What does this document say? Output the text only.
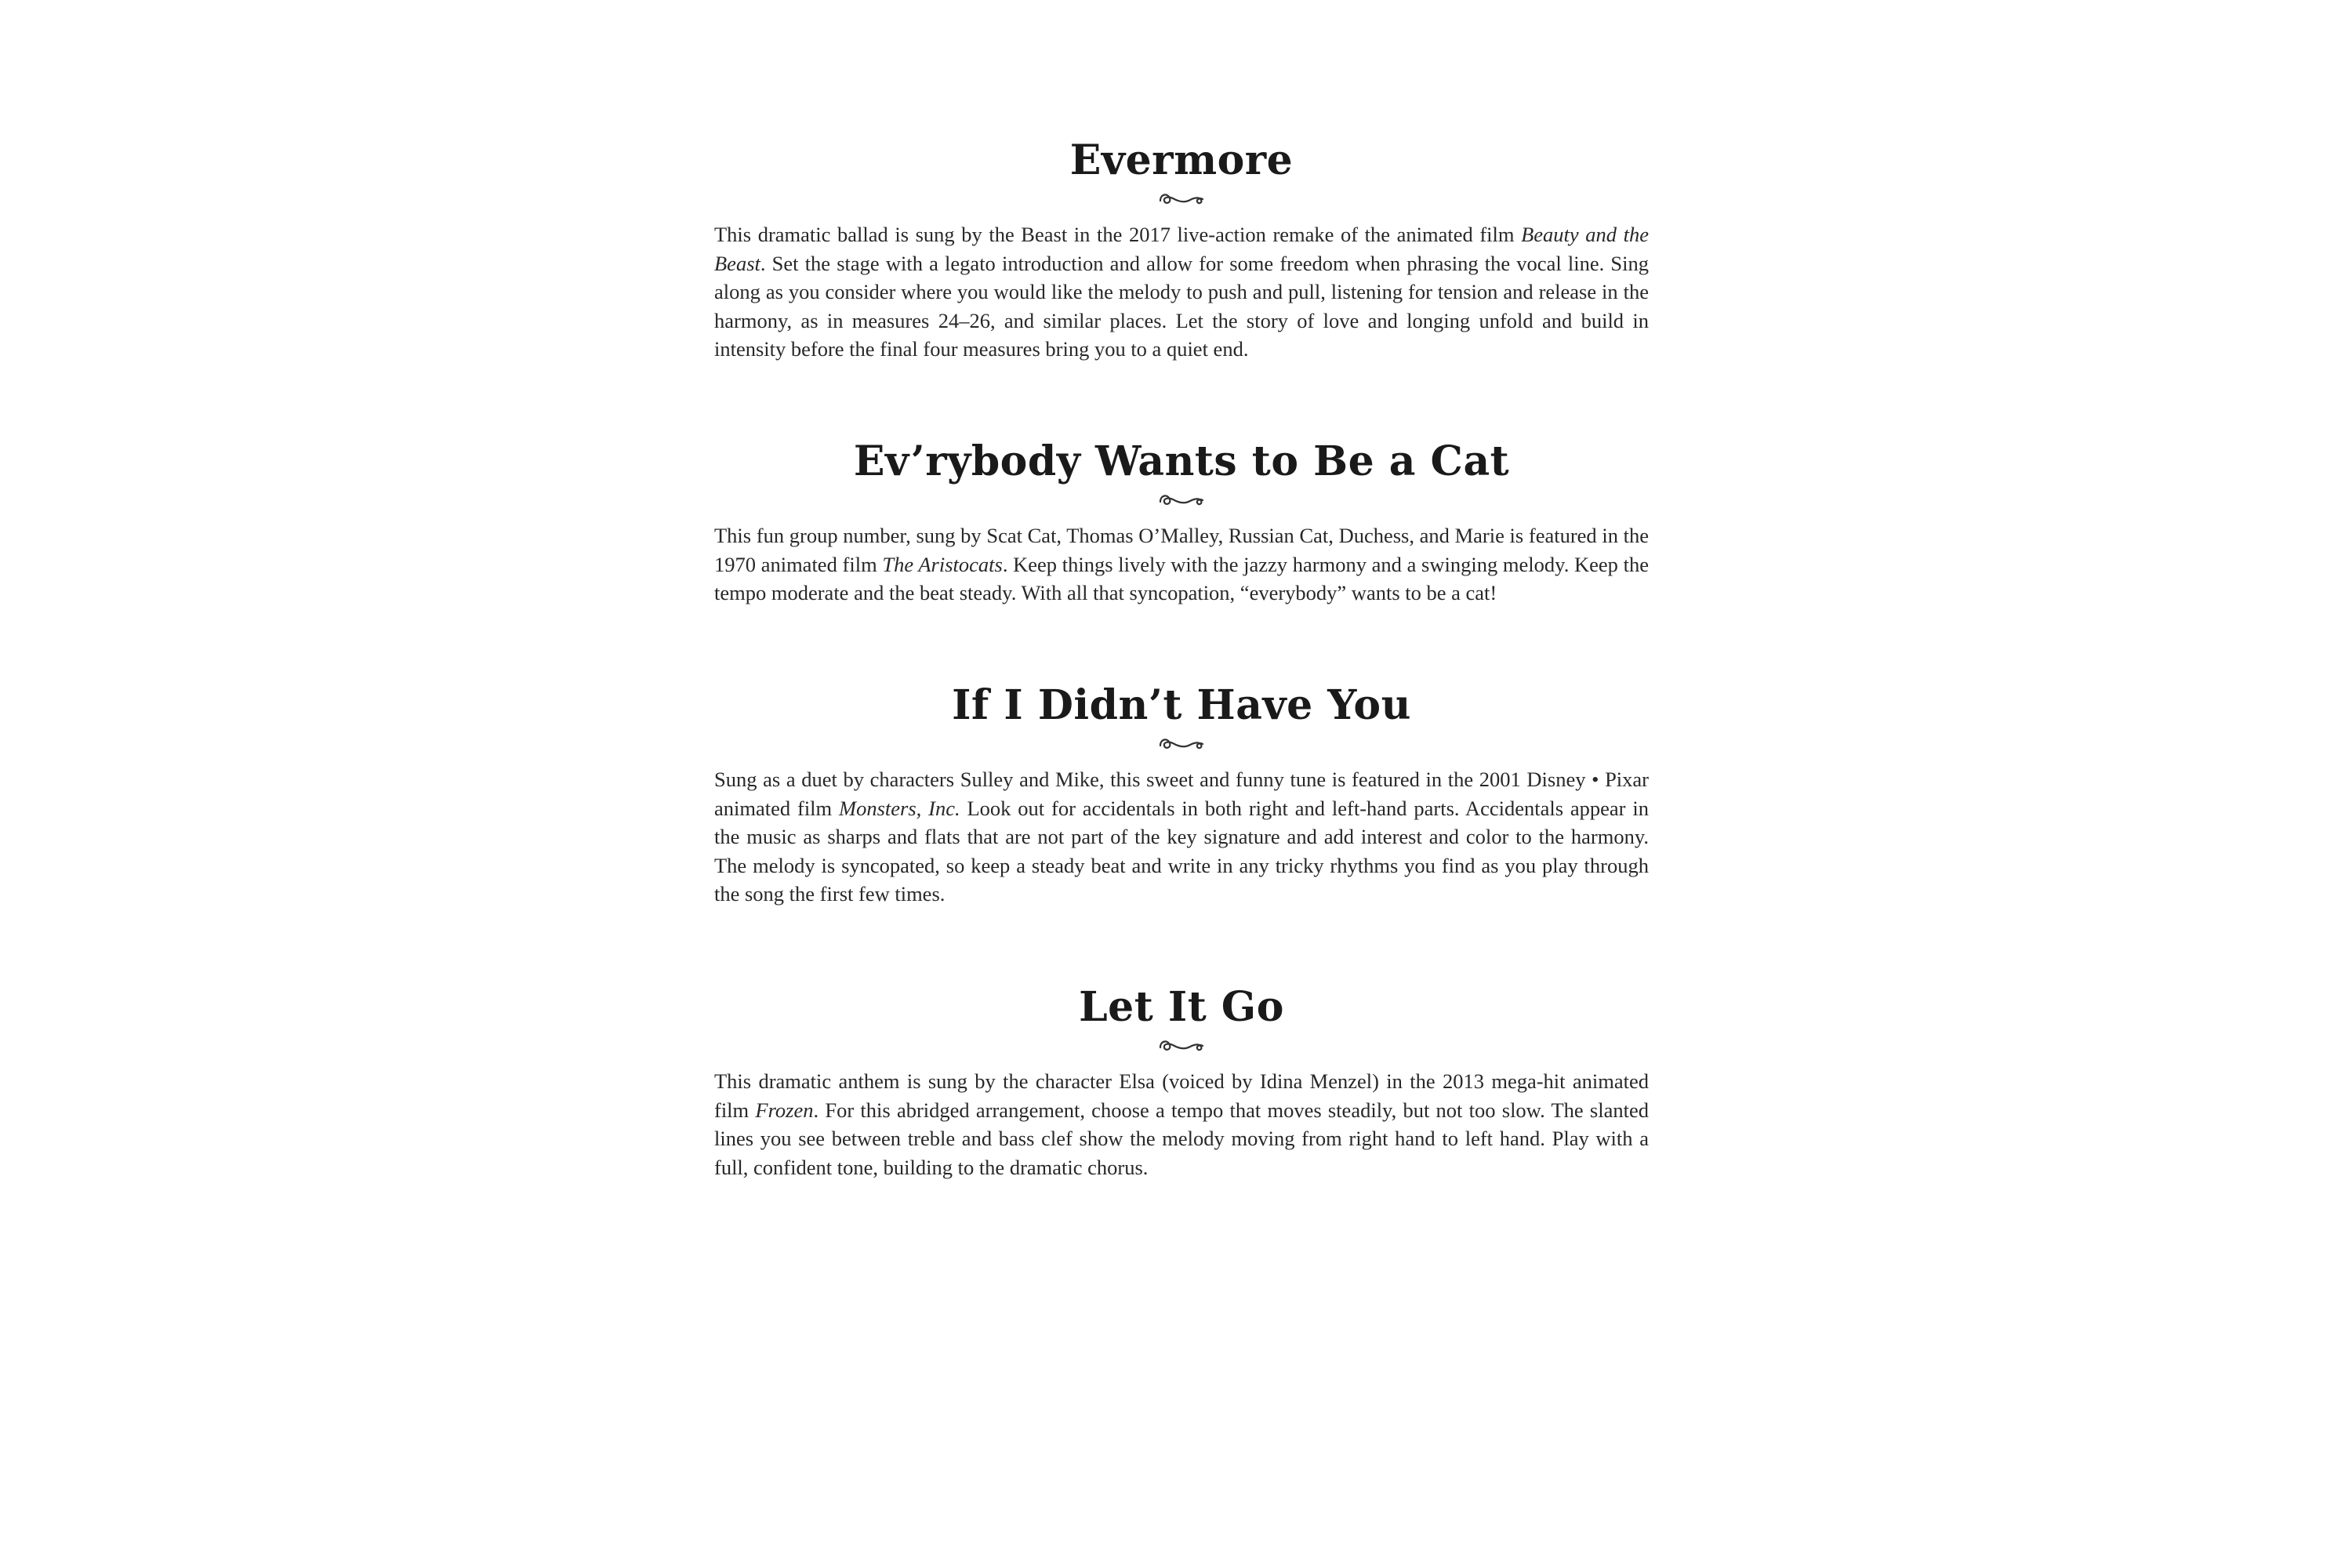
Evermore

This dramatic ballad is sung by the Beast in the 2017 live-action remake of the animated film Beauty and the Beast. Set the stage with a legato introduction and allow for some freedom when phrasing the vocal line. Sing along as you consider where you would like the melody to push and pull, listening for tension and release in the harmony, as in measures 24–26, and similar places. Let the story of love and longing unfold and build in intensity before the final four measures bring you to a quiet end.

Ev’rybody Wants to Be a Cat

This fun group number, sung by Scat Cat, Thomas O’Malley, Russian Cat, Duchess, and Marie is featured in the 1970 animated film The Aristocats. Keep things lively with the jazzy harmony and a swinging melody. Keep the tempo moderate and the beat steady. With all that syncopation, “everybody” wants to be a cat!

If I Didn’t Have You

Sung as a duet by characters Sulley and Mike, this sweet and funny tune is featured in the 2001 Disney • Pixar animated film Monsters, Inc. Look out for accidentals in both right and left-hand parts. Accidentals appear in the music as sharps and flats that are not part of the key signature and add interest and color to the harmony. The melody is syncopated, so keep a steady beat and write in any tricky rhythms you find as you play through the song the first few times.

Let It Go

This dramatic anthem is sung by the character Elsa (voiced by Idina Menzel) in the 2013 mega-hit animated film Frozen. For this abridged arrangement, choose a tempo that moves steadily, but not too slow. The slanted lines you see between treble and bass clef show the melody moving from right hand to left hand. Play with a full, confident tone, building to the dramatic chorus.
